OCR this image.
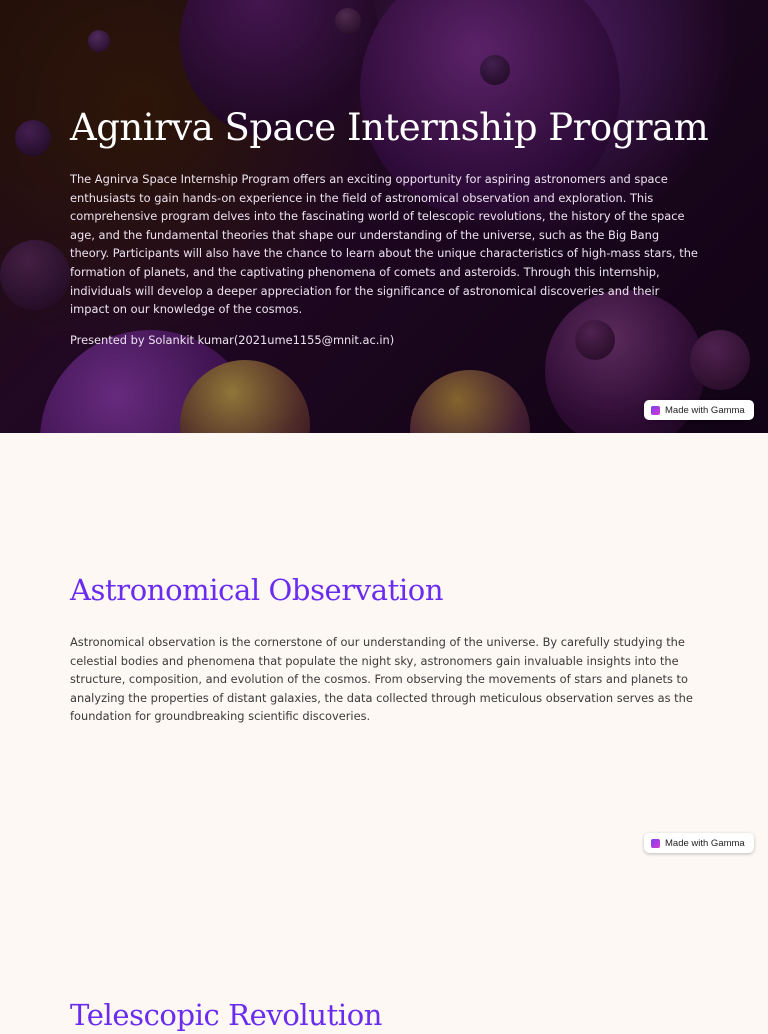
Agnirva Space Internship Program

The Agnirva Space Internship Program offers an exciting opportunity for aspiring astronomers and space enthusiasts to gain hands-on experience in the field of astronomical observation and exploration. This comprehensive program delves into the fascinating world of telescopic revolutions, the history of the space age, and the fundamental theories that shape our understanding of the universe, such as the Big Bang theory. Participants will also have the chance to learn about the unique characteristics of high-mass stars, the formation of planets, and the captivating phenomena of comets and asteroids. Through this internship, individuals will develop a deeper appreciation for the significance of astronomical discoveries and their impact on our knowledge of the cosmos.

Presented by Solankit kumar(2021ume1155@mnit.ac.in)

Made with Gamma
Astronomical Observation

Astronomical observation is the cornerstone of our understanding of the universe. By carefully studying the celestial bodies and phenomena that populate the night sky, astronomers gain invaluable insights into the structure, composition, and evolution of the cosmos. From observing the movements of stars and planets to analyzing the properties of distant galaxies, the data collected through meticulous observation serves as the foundation for groundbreaking scientific discoveries.

Made with Gamma
Telescopic Revolution
